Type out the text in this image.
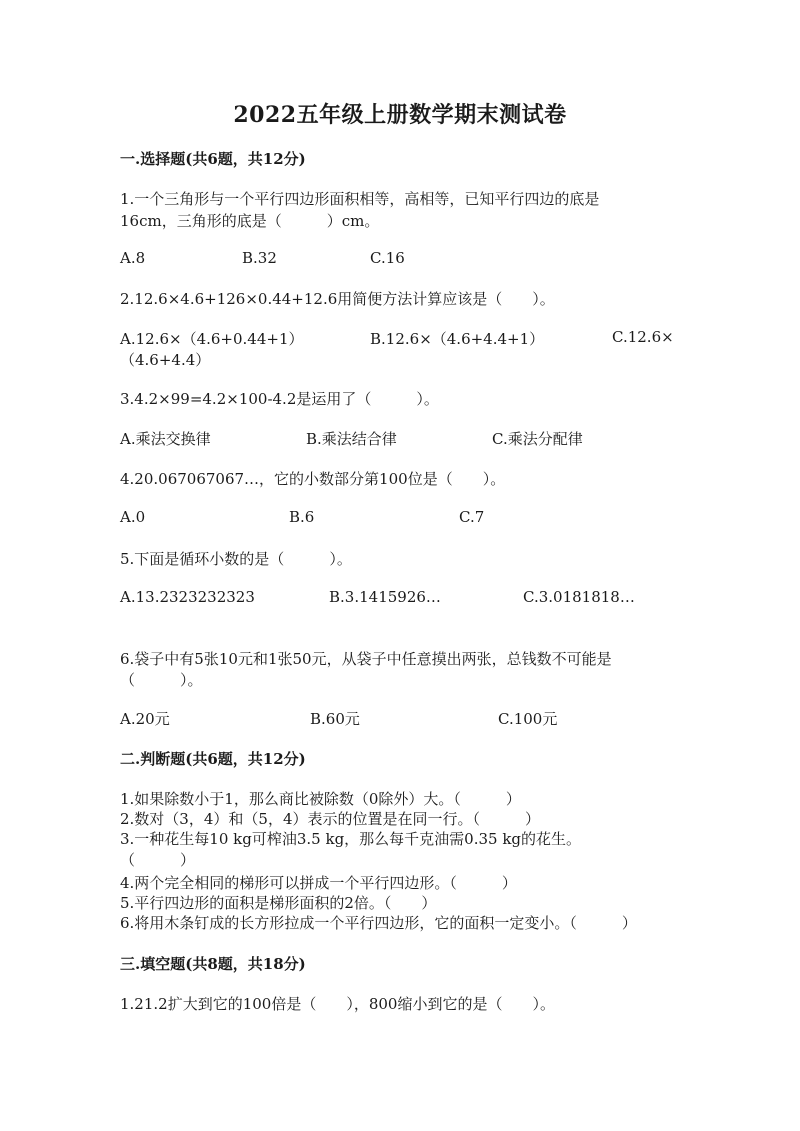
2022五年级上册数学期末测试卷
一.选择题(共6题，共12分)
1.一个三角形与一个平行四边形面积相等，高相等，已知平行四边的底是
16cm，三角形的底是（　　　）cm。
A.8	B.32	C.16
2.12.6×4.6+126×0.44+12.6用简便方法计算应该是（　　）。
A.12.6×（4.6+0.44+1）	B.12.6×（4.6+4.4+1）	C.12.6×
（4.6+4.4）
3.4.2×99=4.2×100-4.2是运用了（　　　）。
A.乘法交换律	B.乘法结合律	C.乘法分配律
4.20.067067067…，它的小数部分第100位是（　　）。
A.0	B.6	C.7
5.下面是循环小数的是（　　　）。
A.13.2323232323	B.3.1415926…	C.3.0181818…
6.袋子中有5张10元和1张50元，从袋子中任意摸出两张，总钱数不可能是
（　　　）。
A.20元	B.60元	C.100元
二.判断题(共6题，共12分)
1.如果除数小于1，那么商比被除数（0除外）大。（　　　）
2.数对（3，4）和（5，4）表示的位置是在同一行。（　　　）
3.一种花生每10 kg可榨油3.5 kg，那么每千克油需0.35 kg的花生。
（　　　）
4.两个完全相同的梯形可以拼成一个平行四边形。（　　　）
5.平行四边形的面积是梯形面积的2倍。（　　）
6.将用木条钉成的长方形拉成一个平行四边形，它的面积一定变小。（　　　）
三.填空题(共8题，共18分)
1.21.2扩大到它的100倍是（　　），800缩小到它的是（　　）。
